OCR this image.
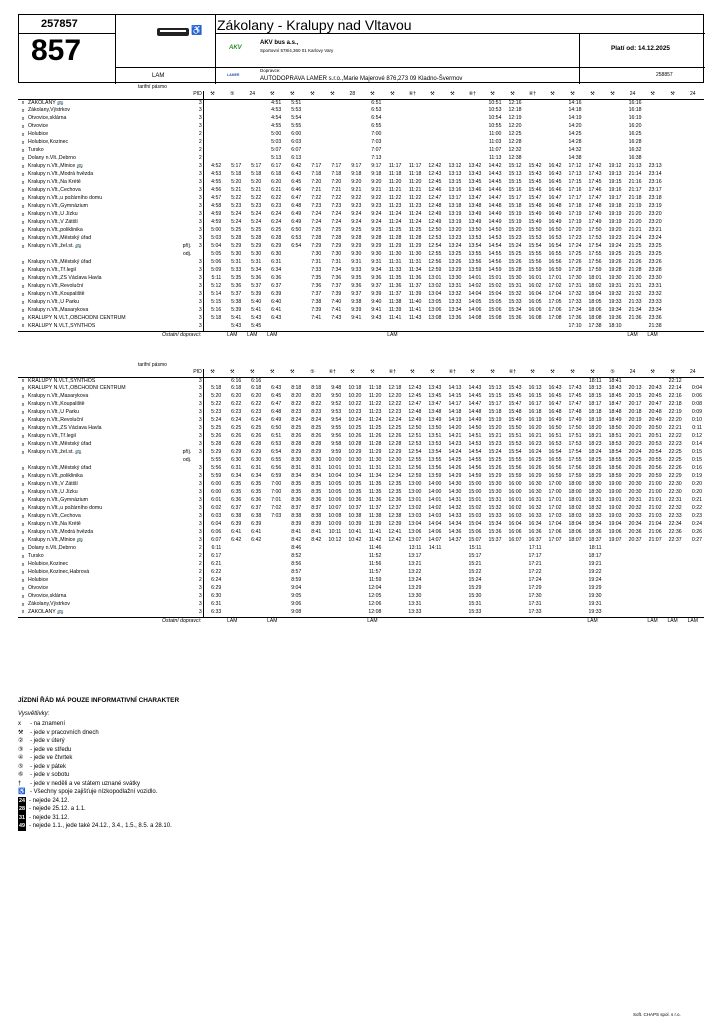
257857
857
Zákolany - Kralupy nad Vltavou
AKV
AKV bus a.s.,
Sportovní 578/4,360 01 Karlovy Vary	Platí od: 14.12.2025
LAM	LAMER
Dopravce:
AUTODOPRAVA LAMER s.r.o.,Marie Majerové 876,273 09 Kladno-Švermov
258857
♿
tarifní pásmo
			PID	⚒	⑤	24	⚒	⚒	⚒	⚒	28	⚒	⚒	⑥†	⚒	⚒	⑥†	⚒	⚒	⑥†	⚒	⚒	⚒	⚒	24	⚒	⚒	24
x	ZÁKOLANY 🚌		3				4:51	5:51				6:51						10:51	12:16			14:16			16:16			
x	Zákolany,Výstrkov		3				4:53	5:53				6:53						10:53	12:18			14:18			16:18			
x	Otvovice,sklárna		3				4:54	5:54				6:54						10:54	12:19			14:19			16:19			
x	Otvovice		3				4:55	5:55				6:55						10:55	12:20			14:20			16:20			
x	Holubice		2				5:00	6:00				7:00						11:00	12:25			14:25			16:25			
x	Holubice,Kozinec		2				5:03	6:03				7:03						11:03	12:28			14:28			16:28			
x	Tursko		2				5:07	6:07				7:07						11:07	12:32			14:32			16:32			
x	Dolany n.Vlt.,Debrno		2				5:13	6:13				7:13						11:13	12:38			14:38			16:38			
x	Kralupy n.Vlt.,Minice 🚌		3	4:52	5:17	5:17	6:17	6:42	7:17	7:17	9:17	9:17	11:17	11:17	12:42	13:12	13:42	14:42	15:12	15:42	16:42	17:12	17:42	19:12	21:13	23:13		
x	Kralupy n.Vlt.,Modrá hvězda		3	4:53	5:18	5:18	6:18	6:43	7:18	7:18	9:18	9:18	11:18	11:18	12:43	13:13	13:43	14:43	15:13	15:43	16:43	17:13	17:43	19:13	21:14	23:14		
x	Kralupy n.Vlt.,Na Krétě		3	4:55	5:20	5:20	6:20	6:45	7:20	7:20	9:20	9:20	11:20	11:20	12:45	13:15	13:45	14:45	15:15	15:45	16:45	17:15	17:45	19:15	21:16	23:16		
x	Kralupy n.Vlt.,Čechova		3	4:56	5:21	5:21	6:21	6:46	7:21	7:21	9:21	9:21	11:21	11:21	12:46	13:16	13:46	14:46	15:16	15:46	16:46	17:16	17:46	19:16	21:17	23:17		
x	Kralupy n.Vlt.,u požárního domu		3	4:57	5:22	5:22	6:22	6:47	7:22	7:22	9:22	9:22	11:22	11:22	12:47	13:17	13:47	14:47	15:17	15:47	16:47	17:17	17:47	19:17	21:18	23:18		
x	Kralupy n.Vlt.,Gymnázium		3	4:58	5:23	5:23	6:23	6:48	7:23	7:23	9:23	9:23	11:23	11:23	12:48	13:18	13:48	14:48	15:18	15:48	16:48	17:18	17:48	19:18	21:19	23:19		
x	Kralupy n.Vlt.,U Jízku		3	4:59	5:24	5:24	6:24	6:49	7:24	7:24	9:24	9:24	11:24	11:24	12:49	13:19	13:49	14:49	15:19	15:49	16:49	17:19	17:49	19:19	21:20	23:20		
x	Kralupy n.Vlt.,V Zátiší		3	4:59	5:24	5:24	6:24	6:49	7:24	7:24	9:24	9:24	11:24	11:24	12:49	13:19	13:49	14:49	15:19	15:49	16:49	17:19	17:49	19:19	21:20	23:20		
x	Kralupy n.Vlt.,poliklinika		3	5:00	5:25	5:25	6:25	6:50	7:25	7:25	9:25	9:25	11:25	11:25	12:50	13:20	13:50	14:50	15:20	15:50	16:50	17:20	17:50	19:20	21:21	23:21		
x	Kralupy n.Vlt.,Městský úřad		3	5:03	5:28	5:28	6:28	6:53	7:28	7:28	9:28	9:28	11:28	11:28	12:53	13:23	13:53	14:53	15:23	15:53	16:53	17:23	17:53	19:23	21:24	23:24		
x	Kralupy n.Vlt.,žel.st. 🚌	příj.	3	5:04	5:29	5:29	6:29	6:54	7:29	7:29	9:29	9:29	11:29	11:29	12:54	13:24	13:54	14:54	15:24	15:54	16:54	17:24	17:54	19:24	21:25	23:25		
		odj.		5:05	5:30	5:30	6:30		7:30	7:30	9:30	9:30	11:30	11:30	12:55	13:25	13:55	14:55	15:25	15:55	16:55	17:25	17:55	19:25	21:25	23:25		
x	Kralupy n.Vlt.,Městský úřad		3	5:06	5:31	5:31	6:31		7:31	7:31	9:31	9:31	11:31	11:31	12:56	13:26	13:56	14:56	15:26	15:56	16:56	17:26	17:56	19:26	21:26	23:26		
x	Kralupy n.Vlt.,Tř.legií		3	5:09	5:33	5:34	6:34		7:33	7:34	9:33	9:34	11:33	11:34	12:59	13:29	13:59	14:59	15:28	15:59	16:59	17:28	17:59	19:28	21:28	23:28		
x	Kralupy n.Vlt.,ZŠ Václava Havla		3	5:11	5:35	5:36	6:36		7:35	7:36	9:35	9:36	11:35	11:36	13:01	13:30	14:01	15:01	15:30	16:01	17:01	17:30	18:01	19:30	21:30	23:30		
x	Kralupy n.Vlt.,Revoluční		3	5:12	5:36	5:37	6:37		7:36	7:37	9:36	9:37	11:36	11:37	13:02	13:31	14:02	15:02	15:31	16:02	17:02	17:31	18:02	19:31	21:31	23:31		
x	Kralupy n.Vlt.,Koupaliště		3	5:14	5:37	5:39	6:39		7:37	7:39	9:37	9:39	11:37	11:39	13:04	13:32	14:04	15:04	15:32	16:04	17:04	17:32	18:04	19:32	21:32	23:32		
x	Kralupy n.Vlt.,U Parku		3	5:15	5:38	5:40	6:40		7:38	7:40	9:38	9:40	11:38	11:40	13:05	13:33	14:05	15:05	15:33	16:05	17:05	17:33	18:05	19:33	21:33	23:33		
x	Kralupy n.Vlt.,Masarykova		3	5:16	5:39	5:41	6:41		7:39	7:41	9:39	9:41	11:39	11:41	13:06	13:34	14:06	15:06	15:34	16:06	17:06	17:34	18:06	19:34	21:34	23:34		
x	KRALUPY N.VLT.,OBCHODNÍ CENTRUM		3	5:18	5:41	5:43	6:43		7:41	7:43	9:41	9:43	11:41	11:43	13:08	13:36	14:08	15:08	15:36	16:08	17:08	17:36	18:08	19:36	21:36	23:36		
x	KRALUPY N.VLT.,SYNTHOS		3		5:43	5:45																17:10	17:38	18:10		21:38		
	Ostatní dopravci:				LAM	LAM	LAM						LAM												LAM	LAM		
tarifní pásmo
			PID	⚒	⚒	⚒	⚒	⚒	⑤	⑥†	⚒	⚒	⑥†	⚒	⚒	⑥†	⚒	⚒	⑥†	⚒	⚒	⚒	⚒	⑤	24	⚒	⚒	24
x	KRALUPY N.VLT.,SYNTHOS		3		6:16	6:16																	18:11	18:41			22:12	
x	KRALUPY N.VLT.,OBCHODNÍ CENTRUM		3	5:18	6:18	6:18	6:43	8:18	8:18	9:48	10:18	11:18	12:18	12:43	13:43	14:13	14:43	15:13	15:43	16:13	16:43	17:43	18:13	18:43	20:13	20:43	22:14	0:04
x	Kralupy n.Vlt.,Masarykova		3	5:20	6:20	6:20	6:45	8:20	8:20	9:50	10:20	11:20	12:20	12:45	13:45	14:15	14:45	15:15	15:45	16:15	16:45	17:45	18:15	18:45	20:15	20:45	22:16	0:06
x	Kralupy n.Vlt.,Koupaliště		3	5:22	6:22	6:22	6:47	8:22	8:22	9:52	10:22	11:22	12:22	12:47	13:47	14:17	14:47	15:17	15:47	16:17	16:47	17:47	18:17	18:47	20:17	20:47	22:18	0:08
x	Kralupy n.Vlt.,U Parku		3	5:23	6:23	6:23	6:48	8:23	8:23	9:53	10:23	11:23	12:23	12:48	13:48	14:18	14:48	15:18	15:48	16:18	16:48	17:48	18:18	18:48	20:18	20:48	22:19	0:09
x	Kralupy n.Vlt.,Revoluční		3	5:24	6:24	6:24	6:49	8:24	8:24	9:54	10:24	11:24	12:24	12:49	13:49	14:19	14:49	15:19	15:49	16:19	16:49	17:49	18:19	18:49	20:19	20:49	22:20	0:10
x	Kralupy n.Vlt.,ZŠ Václava Havla		3	5:25	6:25	6:25	6:50	8:25	8:25	9:55	10:25	11:25	12:25	12:50	13:50	14:20	14:50	15:20	15:50	16:20	16:50	17:50	18:20	18:50	20:20	20:50	22:21	0:11
x	Kralupy n.Vlt.,Tř.legií		3	5:26	6:26	6:26	6:51	8:26	8:26	9:56	10:26	11:26	12:26	12:51	13:51	14:21	14:51	15:21	15:51	16:21	16:51	17:51	18:21	18:51	20:21	20:51	22:22	0:12
x	Kralupy n.Vlt.,Městský úřad		3	5:28	6:28	6:28	6:53	8:28	8:28	9:58	10:28	11:28	12:28	12:53	13:53	14:23	14:53	15:23	15:53	16:23	16:53	17:53	18:23	18:53	20:23	20:53	22:23	0:14
x	Kralupy n.Vlt.,žel.st. 🚌	příj.	3	5:29	6:29	6:29	6:54	8:29	8:29	9:59	10:29	11:29	12:29	12:54	13:54	14:24	14:54	15:24	15:54	16:24	16:54	17:54	18:24	18:54	20:24	20:54	22:25	0:15
		odj.		5:55	6:30	6:30	6:55	8:30	8:30	10:00	10:30	11:30	12:30	12:55	13:55	14:25	14:55	15:25	15:55	16:25	16:55	17:55	18:25	18:55	20:25	20:55	22:25	0:15
x	Kralupy n.Vlt.,Městský úřad		3	5:56	6:31	6:31	6:56	8:31	8:31	10:01	10:31	11:31	12:31	12:56	13:56	14:26	14:56	15:26	15:56	16:26	16:56	17:56	18:26	18:56	20:26	20:56	22:26	0:16
x	Kralupy n.Vlt.,poliklinika		3	5:59	6:34	6:34	6:59	8:34	8:34	10:04	10:34	11:34	12:34	12:59	13:59	14:29	14:59	15:29	15:59	16:29	16:59	17:59	18:29	18:59	20:29	20:59	22:29	0:19
x	Kralupy n.Vlt.,V Zátiší		3	6:00	6:35	6:35	7:00	8:35	8:35	10:05	10:35	11:35	12:35	13:00	14:00	14:30	15:00	15:30	16:00	16:30	17:00	18:00	18:30	19:00	20:30	21:00	22:30	0:20
x	Kralupy n.Vlt.,U Jízku		3	6:00	6:35	6:35	7:00	8:35	8:35	10:05	10:35	11:35	12:35	13:00	14:00	14:30	15:00	15:30	16:00	16:30	17:00	18:00	18:30	19:00	20:30	21:00	22:30	0:20
x	Kralupy n.Vlt.,Gymnázium		3	6:01	6:36	6:36	7:01	8:36	8:36	10:06	10:36	11:36	12:36	13:01	14:01	14:31	15:01	15:31	16:01	16:31	17:01	18:01	18:31	19:01	20:31	21:01	22:31	0:21
x	Kralupy n.Vlt.,u požárního domu		3	6:02	6:37	6:37	7:02	8:37	8:37	10:07	10:37	11:37	12:37	13:02	14:02	14:32	15:02	15:32	16:02	16:32	17:02	18:02	18:32	19:02	20:32	21:02	22:32	0:22
x	Kralupy n.Vlt.,Čechova		3	6:03	6:38	6:38	7:03	8:38	8:38	10:08	10:38	11:38	12:38	13:03	14:03	14:33	15:03	15:33	16:03	16:33	17:03	18:03	18:33	19:03	20:33	21:03	22:33	0:23
x	Kralupy n.Vlt.,Na Krétě		3	6:04	6:39	6:39		8:39	8:39	10:09	10:39	11:39	12:39	13:04	14:04	14:34	15:04	15:34	16:04	16:34	17:04	18:04	18:34	19:04	20:34	21:04	22:34	0:24
x	Kralupy n.Vlt.,Modrá hvězda		3	6:06	6:41	6:41		8:41	8:41	10:11	10:41	11:41	12:41	13:06	14:06	14:36	15:06	15:36	16:06	16:36	17:06	18:06	18:36	19:06	20:36	21:06	22:36	0:26
x	Kralupy n.Vlt.,Minice 🚌		3	6:07	6:42	6:42		8:42	8:42	10:12	10:42	11:42	12:42	13:07	14:07	14:37	15:07	15:37	16:07	16:37	17:07	18:07	18:37	19:07	20:37	21:07	22:37	0:27
x	Dolany n.Vlt.,Debrno		2	6:11				8:46				11:46		13:11	14:11		15:11			17:11			18:11					
x	Tursko		2	6:17				8:52				11:52		13:17			15:17			17:17			18:17					
x	Holubice,Kozinec		2	6:21				8:56				11:56		13:21			15:21			17:21			19:21					
x	Holubice,Kozinec,Habrová		2	6:22				8:57				11:57		13:22			15:22			17:22			19:22					
x	Holubice		2	6:24				8:59				11:59		13:24			15:24			17:24			19:24					
x	Otvovice		3	6:29				9:04				12:04		13:29			15:29			17:29			19:29					
x	Otvovice,sklárna		3	6:30				9:05				12:05		13:30			15:30			17:30			19:30					
x	Zákolany,Výstrkov		3	6:31				9:06				12:06		13:31			15:31			17:31			19:31					
x	ZÁKOLANY 🚌		3	6:33				9:08				12:08		13:33			15:33			17:33			19:33					
	Ostatní dopravci:				LAM		LAM					LAM											LAM			LAM	LAM	LAM
JÍZDNÍ ŘÁD MÁ POUZE INFORMATIVNÍ CHARAKTER
Vysvětlivky:
x	- na znamení
⚒	- jede v pracovních dnech
②	- jede v úterý
③	- jede ve středu
④	- jede ve čtvrtek
⑤	- jede v pátek
⑥	- jede v sobotu
†	- jede v neděli a ve státem uznané svátky
♿ - Všechny spoje zajišťuje nízkopodlažní vozidlo.
24 - nejede 24.12.
28 - nejede 25.12. a 1.1.
31 - nejede 31.12.
49 - nejede 1.1., jede také 24.12., 3.4., 1.5., 8.5. a 28.10.
Soft. CHAPS spol. s r.o.
